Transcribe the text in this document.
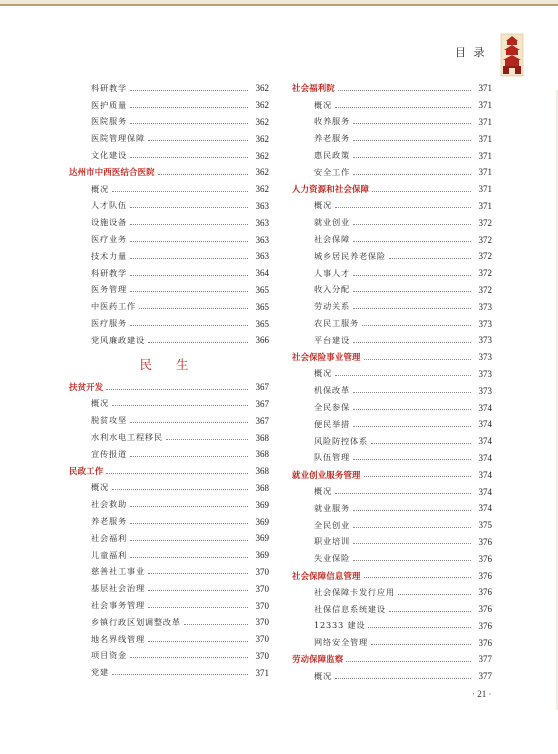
目 录
科研教学	362
医护质量	362
医院服务	362
医院管理保障	362
文化建设	362
达州市中西医结合医院	362
概况	362
人才队伍	363
设施设备	363
医疗业务	363
技术力量	363
科研教学	364
医务管理	365
中医药工作	365
医疗服务	365
党风廉政建设	366
民 生
扶贫开发	367
概况	367
脱贫攻坚	367
水利水电工程移民	368
宣传报道	368
民政工作	368
概况	368
社会救助	369
养老服务	369
社会福利	369
儿童福利	369
慈善社工事业	370
基层社会治理	370
社会事务管理	370
乡镇行政区划调整改革	370
地名界线管理	370
项目资金	370
党建	371
社会福利院	371
概况	371
收养服务	371
养老服务	371
惠民政策	371
安全工作	371
人力资源和社会保障	371
概况	371
就业创业	372
社会保障	372
城乡居民养老保险	372
人事人才	372
收入分配	372
劳动关系	373
农民工服务	373
平台建设	373
社会保险事业管理	373
概况	373
机保改革	373
全民参保	374
便民举措	374
风险防控体系	374
队伍管理	374
就业创业服务管理	374
概况	374
就业服务	374
全民创业	375
职业培训	376
失业保险	376
社会保障信息管理	376
社会保障卡发行应用	376
社保信息系统建设	376
12333 建设	376
网络安全管理	376
劳动保障监察	377
概况	377
· 21 ·
